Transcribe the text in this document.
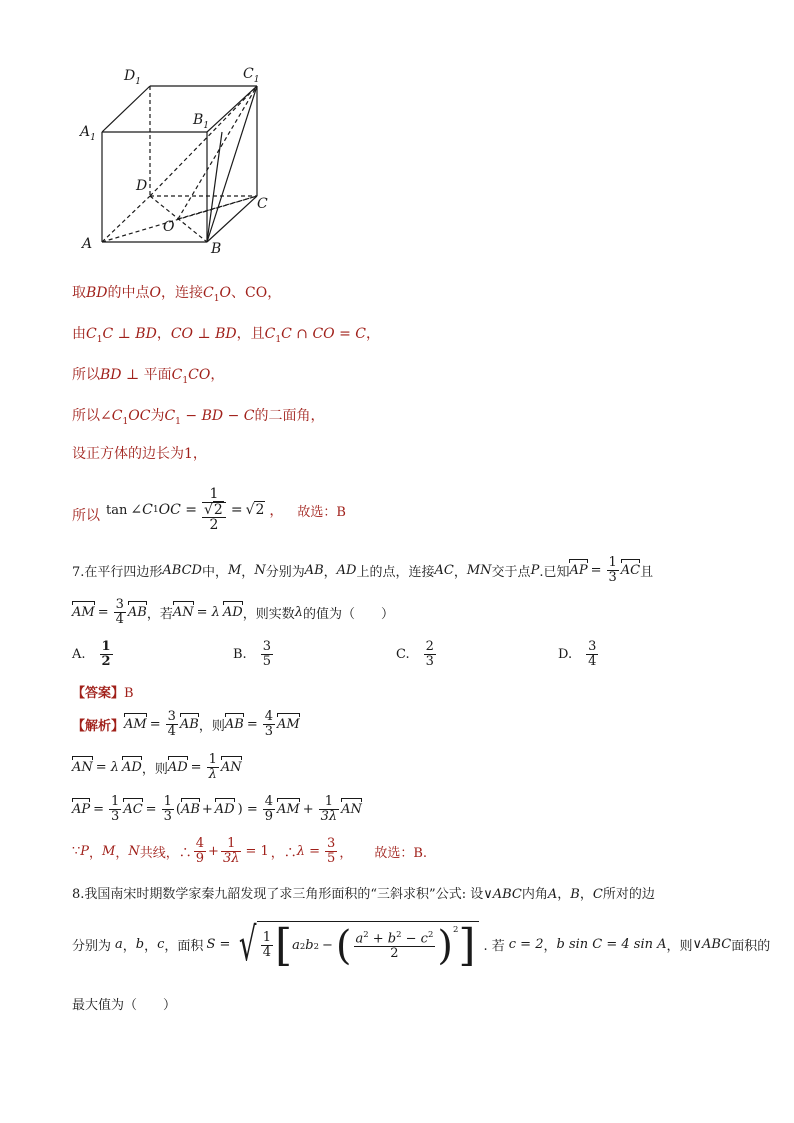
$D_1$	$C_1$
$A_1$
$B_1$
D
C
O
A	B
取BD的中点O，连接$C_1O$、CO，
由$C_1C$ ⊥ BD，CO ⊥ BD，且$C_1C$ ∩ CO = C，
所以BD ⊥ 平面$C_1CO$，
所以$\angle C_1OC$为$C_1$ − BD − C的二面角，
设正方体的边长为1，
所以 tan ∠C 1 OC =
1
√2
2
= √2 ， 故选：B
7.在平行四边形 ABCD 中， M ， N 分别为 AB ， AD 上的点，连接 AC ， MN 交于点 P .已知 AP = $\frac{1}{3}$ AC 且
AM = $\frac{3}{4}$ AB ，若 AN = λ AD ，则实数 λ 的值为（　　）
A. $\frac{1}{2}$	B. $\frac{3}{5}$	C. $\frac{2}{3}$	D. $\frac{3}{4}$
【答案】B
【解析】 AM = $\frac{3}{4}$ AB ，则 AB = $\frac{4}{3}$ AM
AN = λ AD ，则 AD = $\frac{1}{\lambda}$ AN
AP = $\frac{1}{3}$ AC = $\frac{1}{3}$ ( AB + AD ) = $\frac{4}{9}$ AM + $\frac{1}{3\lambda}$ AN
∵ P ， M ， N 共线，∴ $\frac{4}{9} + \frac{1}{3\lambda} = 1$ ，∴ $\lambda = \frac{3}{5}$ ， 故选：B.
8.我国南宋时期数学家秦九韶发现了求三角形面积的“三斜求积”公式: 设∨ABC内角A，B，C所对的边
分别为 a ， b ， c ，面积 S = √ $\frac{1}{4}$ [ a 2 b 2 − ( $\frac{a^2 + b^2 - c^2}{2} )^2$ ] . 若 c = 2 ， b sin C = 4 sin A ，则 ∨ABC 面积的
最大值为（　　）
